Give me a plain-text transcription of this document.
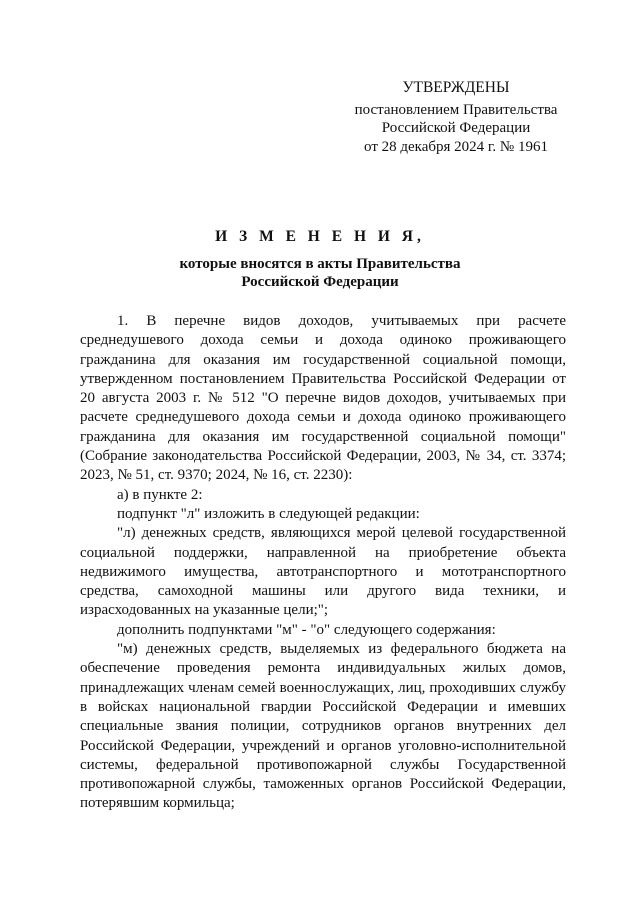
УТВЕРЖДЕНЫ
постановлением Правительства
Российской Федерации
от 28 декабря 2024 г. № 1961
И З М Е Н Е Н И Я,
которые вносятся в акты Правительства
Российской Федерации

1. В перечне видов доходов, учитываемых при расчете среднедушевого дохода семьи и дохода одиноко проживающего гражданина для оказания им государственной социальной помощи, утвержденном постановлением Правительства Российской Федерации от 20 августа 2003 г. № 512 "О перечне видов доходов, учитываемых при расчете среднедушевого дохода семьи и дохода одиноко проживающего гражданина для оказания им государственной социальной помощи" (Собрание законодательства Российской Федерации, 2003, № 34, ст. 3374; 2023, № 51, ст. 9370; 2024, № 16, ст. 2230):

а) в пункте 2:

подпункт "л" изложить в следующей редакции:

"л) денежных средств, являющихся мерой целевой государственной социальной поддержки, направленной на приобретение объекта недвижимого имущества, автотранспортного и мототранспортного средства, самоходной машины или другого вида техники, и израсходованных на указанные цели;";

дополнить подпунктами "м" - "о" следующего содержания:

"м) денежных средств, выделяемых из федерального бюджета на обеспечение проведения ремонта индивидуальных жилых домов, принадлежащих членам семей военнослужащих, лиц, проходивших службу в войсках национальной гвардии Российской Федерации и имевших специальные звания полиции, сотрудников органов внутренних дел Российской Федерации, учреждений и органов уголовно-исполнительной системы, федеральной противопожарной службы Государственной противопожарной службы, таможенных органов Российской Федерации, потерявшим кормильца;
